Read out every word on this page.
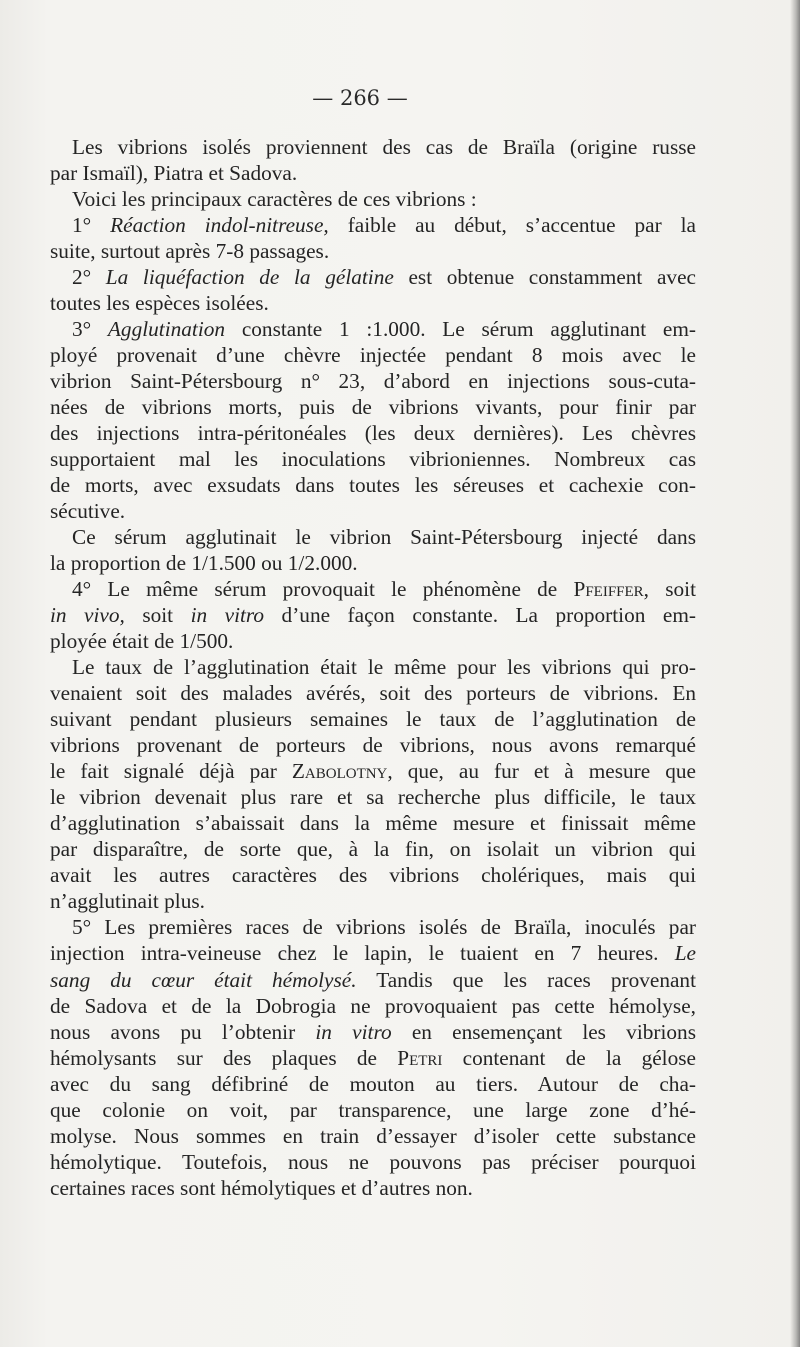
— 266 —
Les vibrions isolés proviennent des cas de Braïla (origine russe
par Ismaïl), Piatra et Sadova.
Voici les principaux caractères de ces vibrions :
1° Réaction indol-nitreuse, faible au début, s’accentue par la
suite, surtout après 7-8 passages.
2° La liquéfaction de la gélatine est obtenue constamment avec
toutes les espèces isolées.
3° Agglutination constante 1 :1.000. Le sérum agglutinant em-
ployé provenait d’une chèvre injectée pendant 8 mois avec le
vibrion Saint-Pétersbourg n° 23, d’abord en injections sous-cuta-
nées de vibrions morts, puis de vibrions vivants, pour finir par
des injections intra-péritonéales (les deux dernières). Les chèvres
supportaient mal les inoculations vibrioniennes. Nombreux cas
de morts, avec exsudats dans toutes les séreuses et cachexie con-
sécutive.
Ce sérum agglutinait le vibrion Saint-Pétersbourg injecté dans
la proportion de 1/1.500 ou 1/2.000.
4° Le même sérum provoquait le phénomène de Pfeiffer, soit
in vivo, soit in vitro d’une façon constante. La proportion em-
ployée était de 1/500.
Le taux de l’agglutination était le même pour les vibrions qui pro-
venaient soit des malades avérés, soit des porteurs de vibrions. En
suivant pendant plusieurs semaines le taux de l’agglutination de
vibrions provenant de porteurs de vibrions, nous avons remarqué
le fait signalé déjà par Zabolotny, que, au fur et à mesure que
le vibrion devenait plus rare et sa recherche plus difficile, le taux
d’agglutination s’abaissait dans la même mesure et finissait même
par disparaître, de sorte que, à la fin, on isolait un vibrion qui
avait les autres caractères des vibrions cholériques, mais qui
n’agglutinait plus.
5° Les premières races de vibrions isolés de Braïla, inoculés par
injection intra-veineuse chez le lapin, le tuaient en 7 heures. Le
sang du cœur était hémolysé. Tandis que les races provenant
de Sadova et de la Dobrogia ne provoquaient pas cette hémolyse,
nous avons pu l’obtenir in vitro en ensemençant les vibrions
hémolysants sur des plaques de Petri contenant de la gélose
avec du sang défibriné de mouton au tiers. Autour de cha-
que colonie on voit, par transparence, une large zone d’hé-
molyse. Nous sommes en train d’essayer d’isoler cette substance
hémolytique. Toutefois, nous ne pouvons pas préciser pourquoi
certaines races sont hémolytiques et d’autres non.
